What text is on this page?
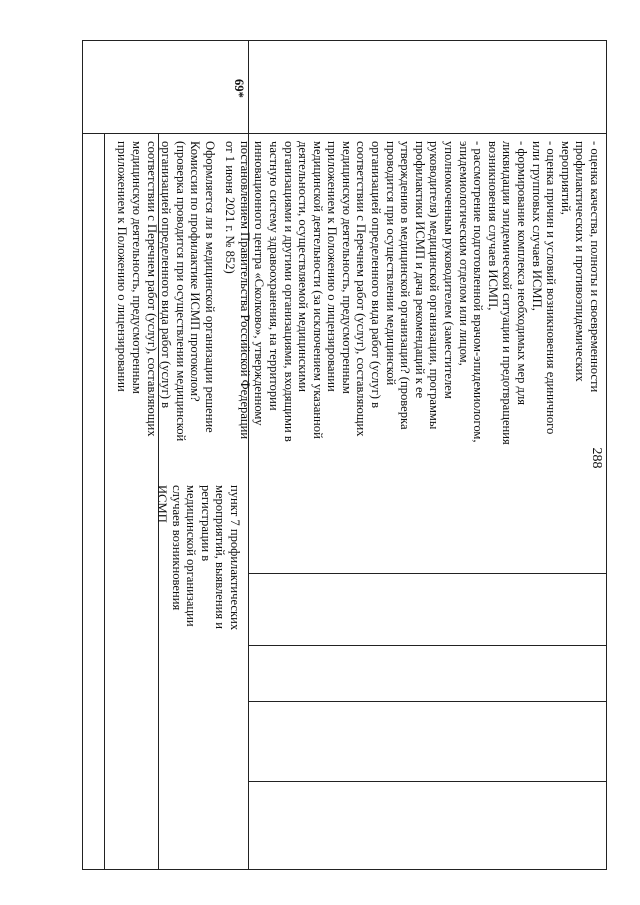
288
- оценка качества, полноты и своевременности
профилактических и противоэпидемических
мероприятий,
- оценка причин и условий возникновения единичного
или групповых случаев ИСМП,
- формирование комплекса необходимых мер для
ликвидации эпидемической ситуации и предотвращения
возникновения случаев ИСМП,
- рассмотрение подготовленной врачом-эпидемиологом,
эпидемиологическим отделом или лицом,
уполномоченным руководителем (заместителем
руководителя) медицинской организации, программы
профилактики ИСМП и дача рекомендаций к ее
утверждению в медицинской организации? (проверка
проводится при осуществлении медицинской
организацией определенного вида работ (услуг) в
соответствии с Перечнем работ (услуг), составляющих
медицинскую деятельность, предусмотренным
приложением к Положению о лицензировании
медицинской деятельности (за исключением указанной
деятельности, осуществляемой медицинскими
организациями и другими организациями, входящими в
частную систему здравоохранения, на территории
инновационного центра «Сколково», утвержденному
постановлением Правительства Российской Федерации
от 1 июня 2021 г. № 852)
69*
Оформляется ли в медицинской организации решение
Комиссии по профилактике ИСМП протоколом?
(проверка проводится при осуществлении медицинской
организацией определенного вида работ (услуг) в
соответствии с Перечнем работ (услуг), составляющих
медицинскую деятельность, предусмотренным
приложением к Положению о лицензировании
пункт 7 профилактических
мероприятий, выявления и
регистрации в
медицинской организации
случаев возникновения
ИСМП
